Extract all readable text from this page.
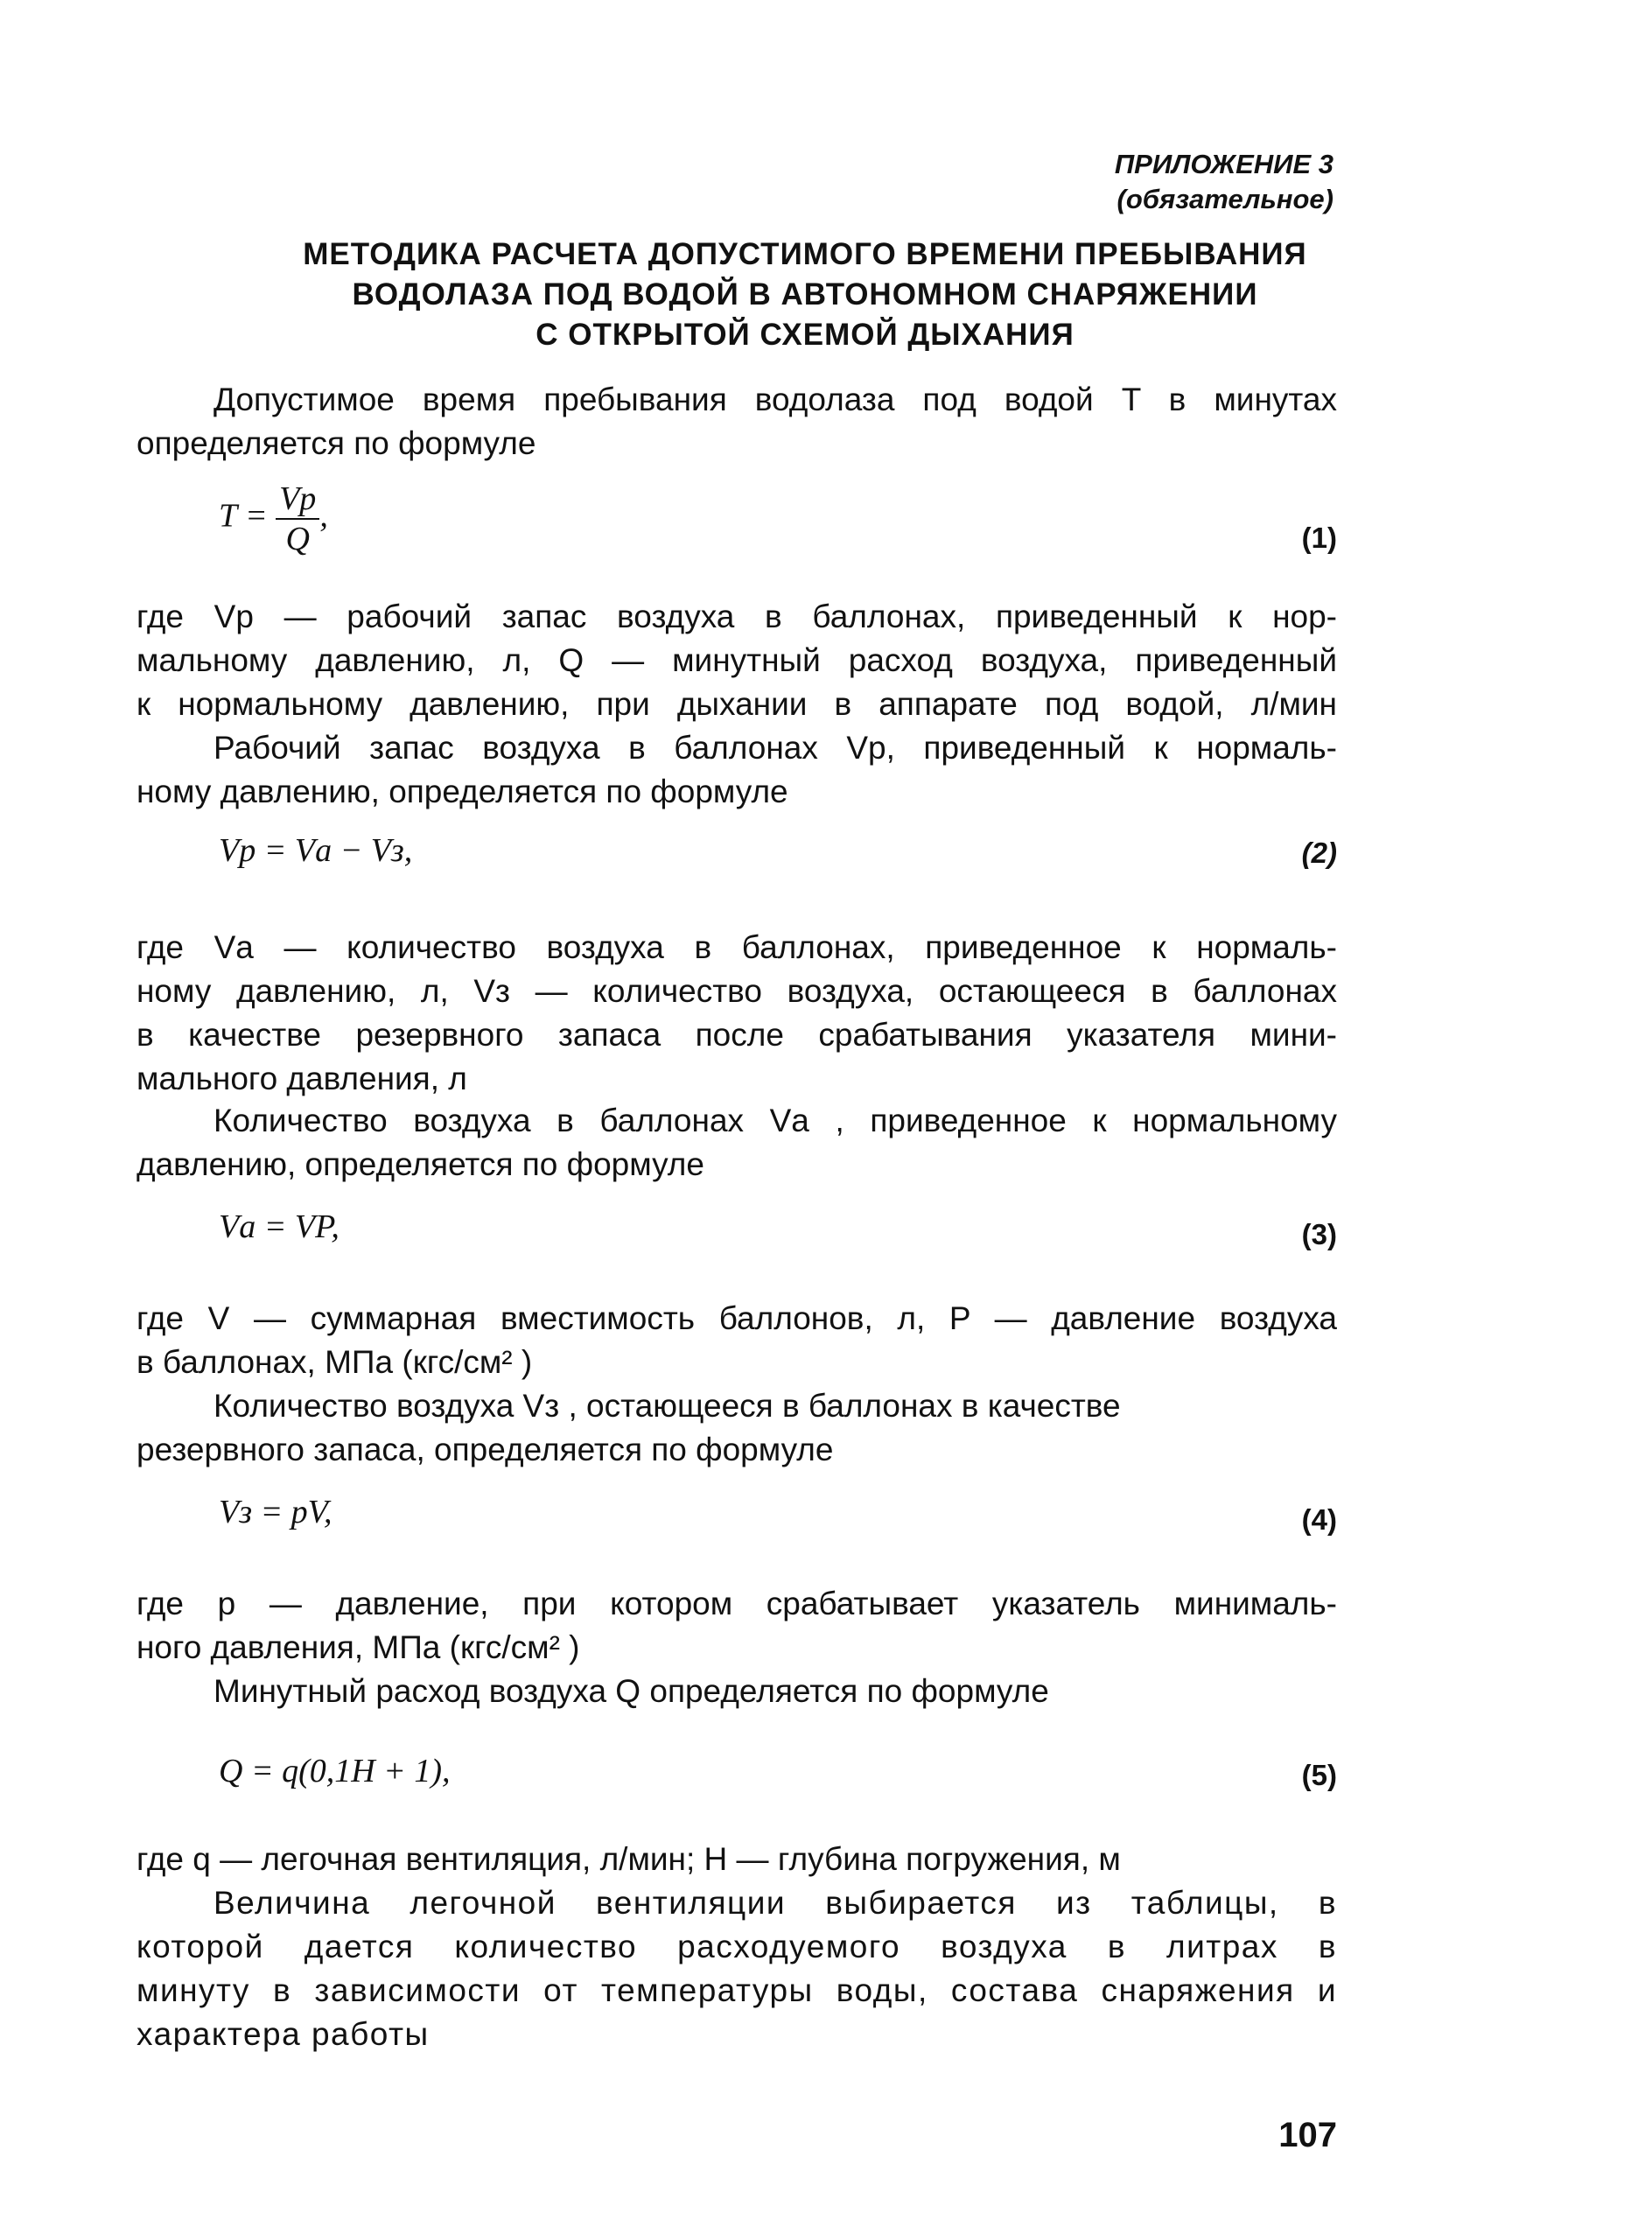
ПРИЛОЖЕНИЕ 3
(обязательное)
МЕТОДИКА РАСЧЕТА ДОПУСТИМОГО ВРЕМЕНИ ПРЕБЫВАНИЯ
ВОДОЛАЗА ПОД ВОДОЙ В АВТОНОМНОМ СНАРЯЖЕНИИ
С ОТКРЫТОЙ СХЕМОЙ ДЫХАНИЯ
Допустимое время пребывания водолаза под водой T в минутах
определяется по формуле
$T = \frac{Vр}{Q}$ ,
(1)
где Vр — рабочий запас воздуха в баллонах, приведенный к нор-
мальному давлению, л, Q — минутный расход воздуха, приведенный
к нормальному давлению, при дыхании в аппарате под водой, л/мин
Рабочий запас воздуха в баллонах Vр, приведенный к нормаль-
ному давлению, определяется по формуле
Vр = Vа − Vз,	(2)
где Vа — количество воздуха в баллонах, приведенное к нормаль-
ному давлению, л, Vз — количество воздуха, остающееся в баллонах
в качестве резервного запаса после срабатывания указателя мини-
мального давления, л
Количество воздуха в баллонах Vа , приведенное к нормальному
давлению, определяется по формуле
Vа = VP,	(3)
где V — суммарная вместимость баллонов, л, P — давление воздуха
в баллонах, МПа (кгс/см² )
Количество воздуха Vз , остающееся в баллонах в качестве
резервного запаса, определяется по формуле
Vз = pV,	(4)
где p — давление, при котором срабатывает указатель минималь-
ного давления, МПа (кгс/см² )
Минутный расход воздуха Q определяется по формуле
Q = q(0,1H + 1),	(5)
где q — легочная вентиляция, л/мин; H — глубина погружения, м
Величина легочной вентиляции выбирается из таблицы, в
которой дается количество расходуемого воздуха в литрах в
минуту в зависимости от температуры воды, состава снаряжения и
характера работы
107
